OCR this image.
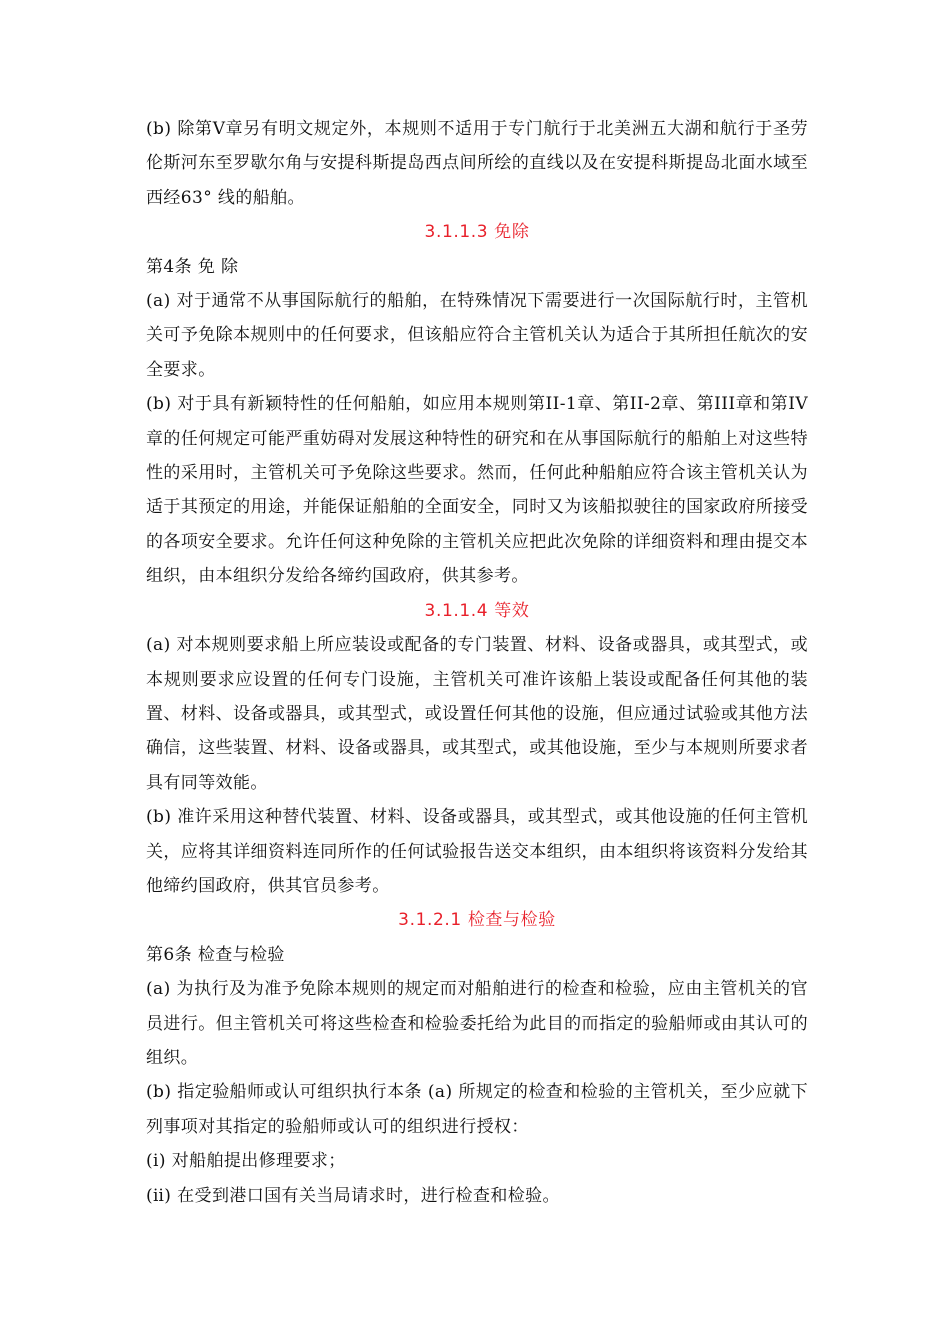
(b) 除第V章另有明文规定外，本规则不适用于专门航行于北美洲五大湖和航行于圣劳伦斯河东至罗歇尔角与安提科斯提岛西点间所绘的直线以及在安提科斯提岛北面水域至西经63° 线的船舶。

3.1.1.3 免除

第4条 免 除

(a) 对于通常不从事国际航行的船舶，在特殊情况下需要进行一次国际航行时，主管机关可予免除本规则中的任何要求，但该船应符合主管机关认为适合于其所担任航次的安全要求。

(b) 对于具有新颖特性的任何船舶，如应用本规则第II-1章、第II-2章、第III章和第IV章的任何规定可能严重妨碍对发展这种特性的研究和在从事国际航行的船舶上对这些特性的采用时，主管机关可予免除这些要求。然而，任何此种船舶应符合该主管机关认为适于其预定的用途，并能保证船舶的全面安全，同时又为该船拟驶往的国家政府所接受的各项安全要求。允许任何这种免除的主管机关应把此次免除的详细资料和理由提交本组织，由本组织分发给各缔约国政府，供其参考。

3.1.1.4 等效

(a) 对本规则要求船上所应装设或配备的专门装置、材料、设备或器具，或其型式，或本规则要求应设置的任何专门设施，主管机关可准许该船上装设或配备任何其他的装置、材料、设备或器具，或其型式，或设置任何其他的设施，但应通过试验或其他方法确信，这些装置、材料、设备或器具，或其型式，或其他设施，至少与本规则所要求者具有同等效能。

(b) 准许采用这种替代装置、材料、设备或器具，或其型式，或其他设施的任何主管机关，应将其详细资料连同所作的任何试验报告送交本组织，由本组织将该资料分发给其他缔约国政府，供其官员参考。

3.1.2.1 检查与检验

第6条 检查与检验

(a) 为执行及为准予免除本规则的规定而对船舶进行的检查和检验，应由主管机关的官员进行。但主管机关可将这些检查和检验委托给为此目的而指定的验船师或由其认可的组织。

(b) 指定验船师或认可组织执行本条 (a) 所规定的检查和检验的主管机关，至少应就下列事项对其指定的验船师或认可的组织进行授权：

(ⅰ) 对船舶提出修理要求；

(ⅱ) 在受到港口国有关当局请求时，进行检查和检验。
